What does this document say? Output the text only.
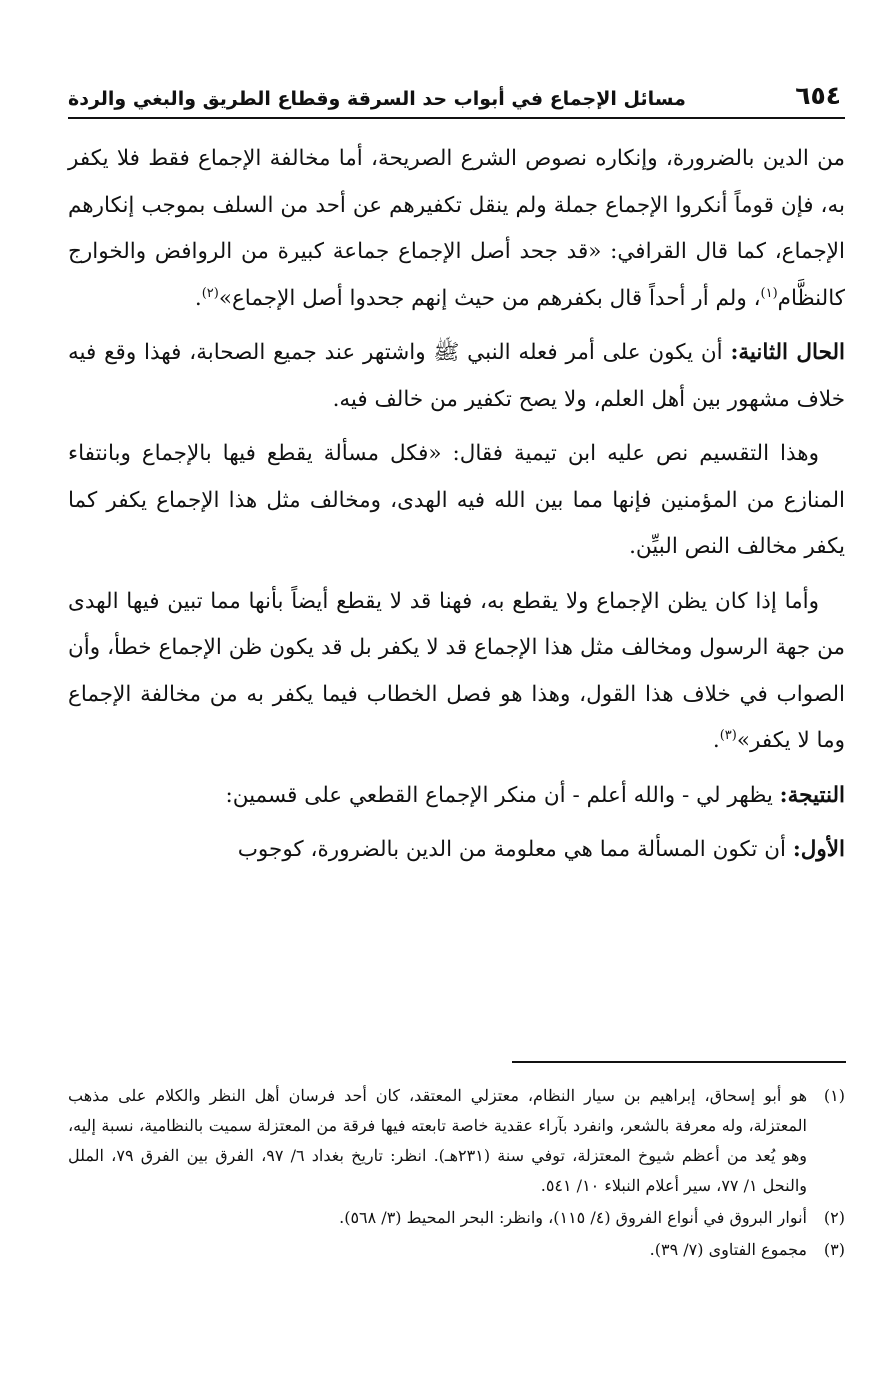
٦٥٤
مسائل الإجماع في أبواب حد السرقة وقطاع الطريق والبغي والردة

من الدين بالضرورة، وإنكاره نصوص الشرع الصريحة، أما مخالفة الإجماع فقط فلا يكفر به، فإن قوماً أنكروا الإجماع جملة ولم ينقل تكفيرهم عن أحد من السلف بموجب إنكارهم الإجماع، كما قال القرافي: «قد جحد أصل الإجماع جماعة كبيرة من الروافض والخوارج كالنظَّام$^{(١)}$، ولم أر أحداً قال بكفرهم من حيث إنهم جحدوا أصل الإجماع»$^{(٢)}$.

الحال الثانية: أن يكون على أمر فعله النبي ﷺ واشتهر عند جميع الصحابة، فهذا وقع فيه خلاف مشهور بين أهل العلم، ولا يصح تكفير من خالف فيه.

وهذا التقسيم نص عليه ابن تيمية فقال: «فكل مسألة يقطع فيها بالإجماع وبانتفاء المنازع من المؤمنين فإنها مما بين الله فيه الهدى، ومخالف مثل هذا الإجماع يكفر كما يكفر مخالف النص البيِّن.

وأما إذا كان يظن الإجماع ولا يقطع به، فهنا قد لا يقطع أيضاً بأنها مما تبين فيها الهدى من جهة الرسول ومخالف مثل هذا الإجماع قد لا يكفر بل قد يكون ظن الإجماع خطأ، وأن الصواب في خلاف هذا القول، وهذا هو فصل الخطاب فيما يكفر به من مخالفة الإجماع وما لا يكفر»$^{(٣)}$.

النتيجة: يظهر لي - والله أعلم - أن منكر الإجماع القطعي على قسمين:

الأول: أن تكون المسألة مما هي معلومة من الدين بالضرورة، كوجوب

(١)
هو أبو إسحاق، إبراهيم بن سيار النظام، معتزلي المعتقد، كان أحد فرسان أهل النظر والكلام على مذهب المعتزلة، وله معرفة بالشعر، وانفرد بآراء عقدية خاصة تابعته فيها فرقة من المعتزلة سميت بالنظامية، نسبة إليه، وهو يُعد من أعظم شيوخ المعتزلة، توفي سنة (٢٣١هـ). انظر: تاريخ بغداد ٦/ ٩٧، الفرق بين الفرق ٧٩، الملل والنحل ١/ ٧٧، سير أعلام النبلاء ١٠/ ٥٤١.
(٢)
أنوار البروق في أنواع الفروق (٤/ ١١٥)، وانظر: البحر المحيط (٣/ ٥٦٨).
(٣)
مجموع الفتاوى (٧/ ٣٩).
